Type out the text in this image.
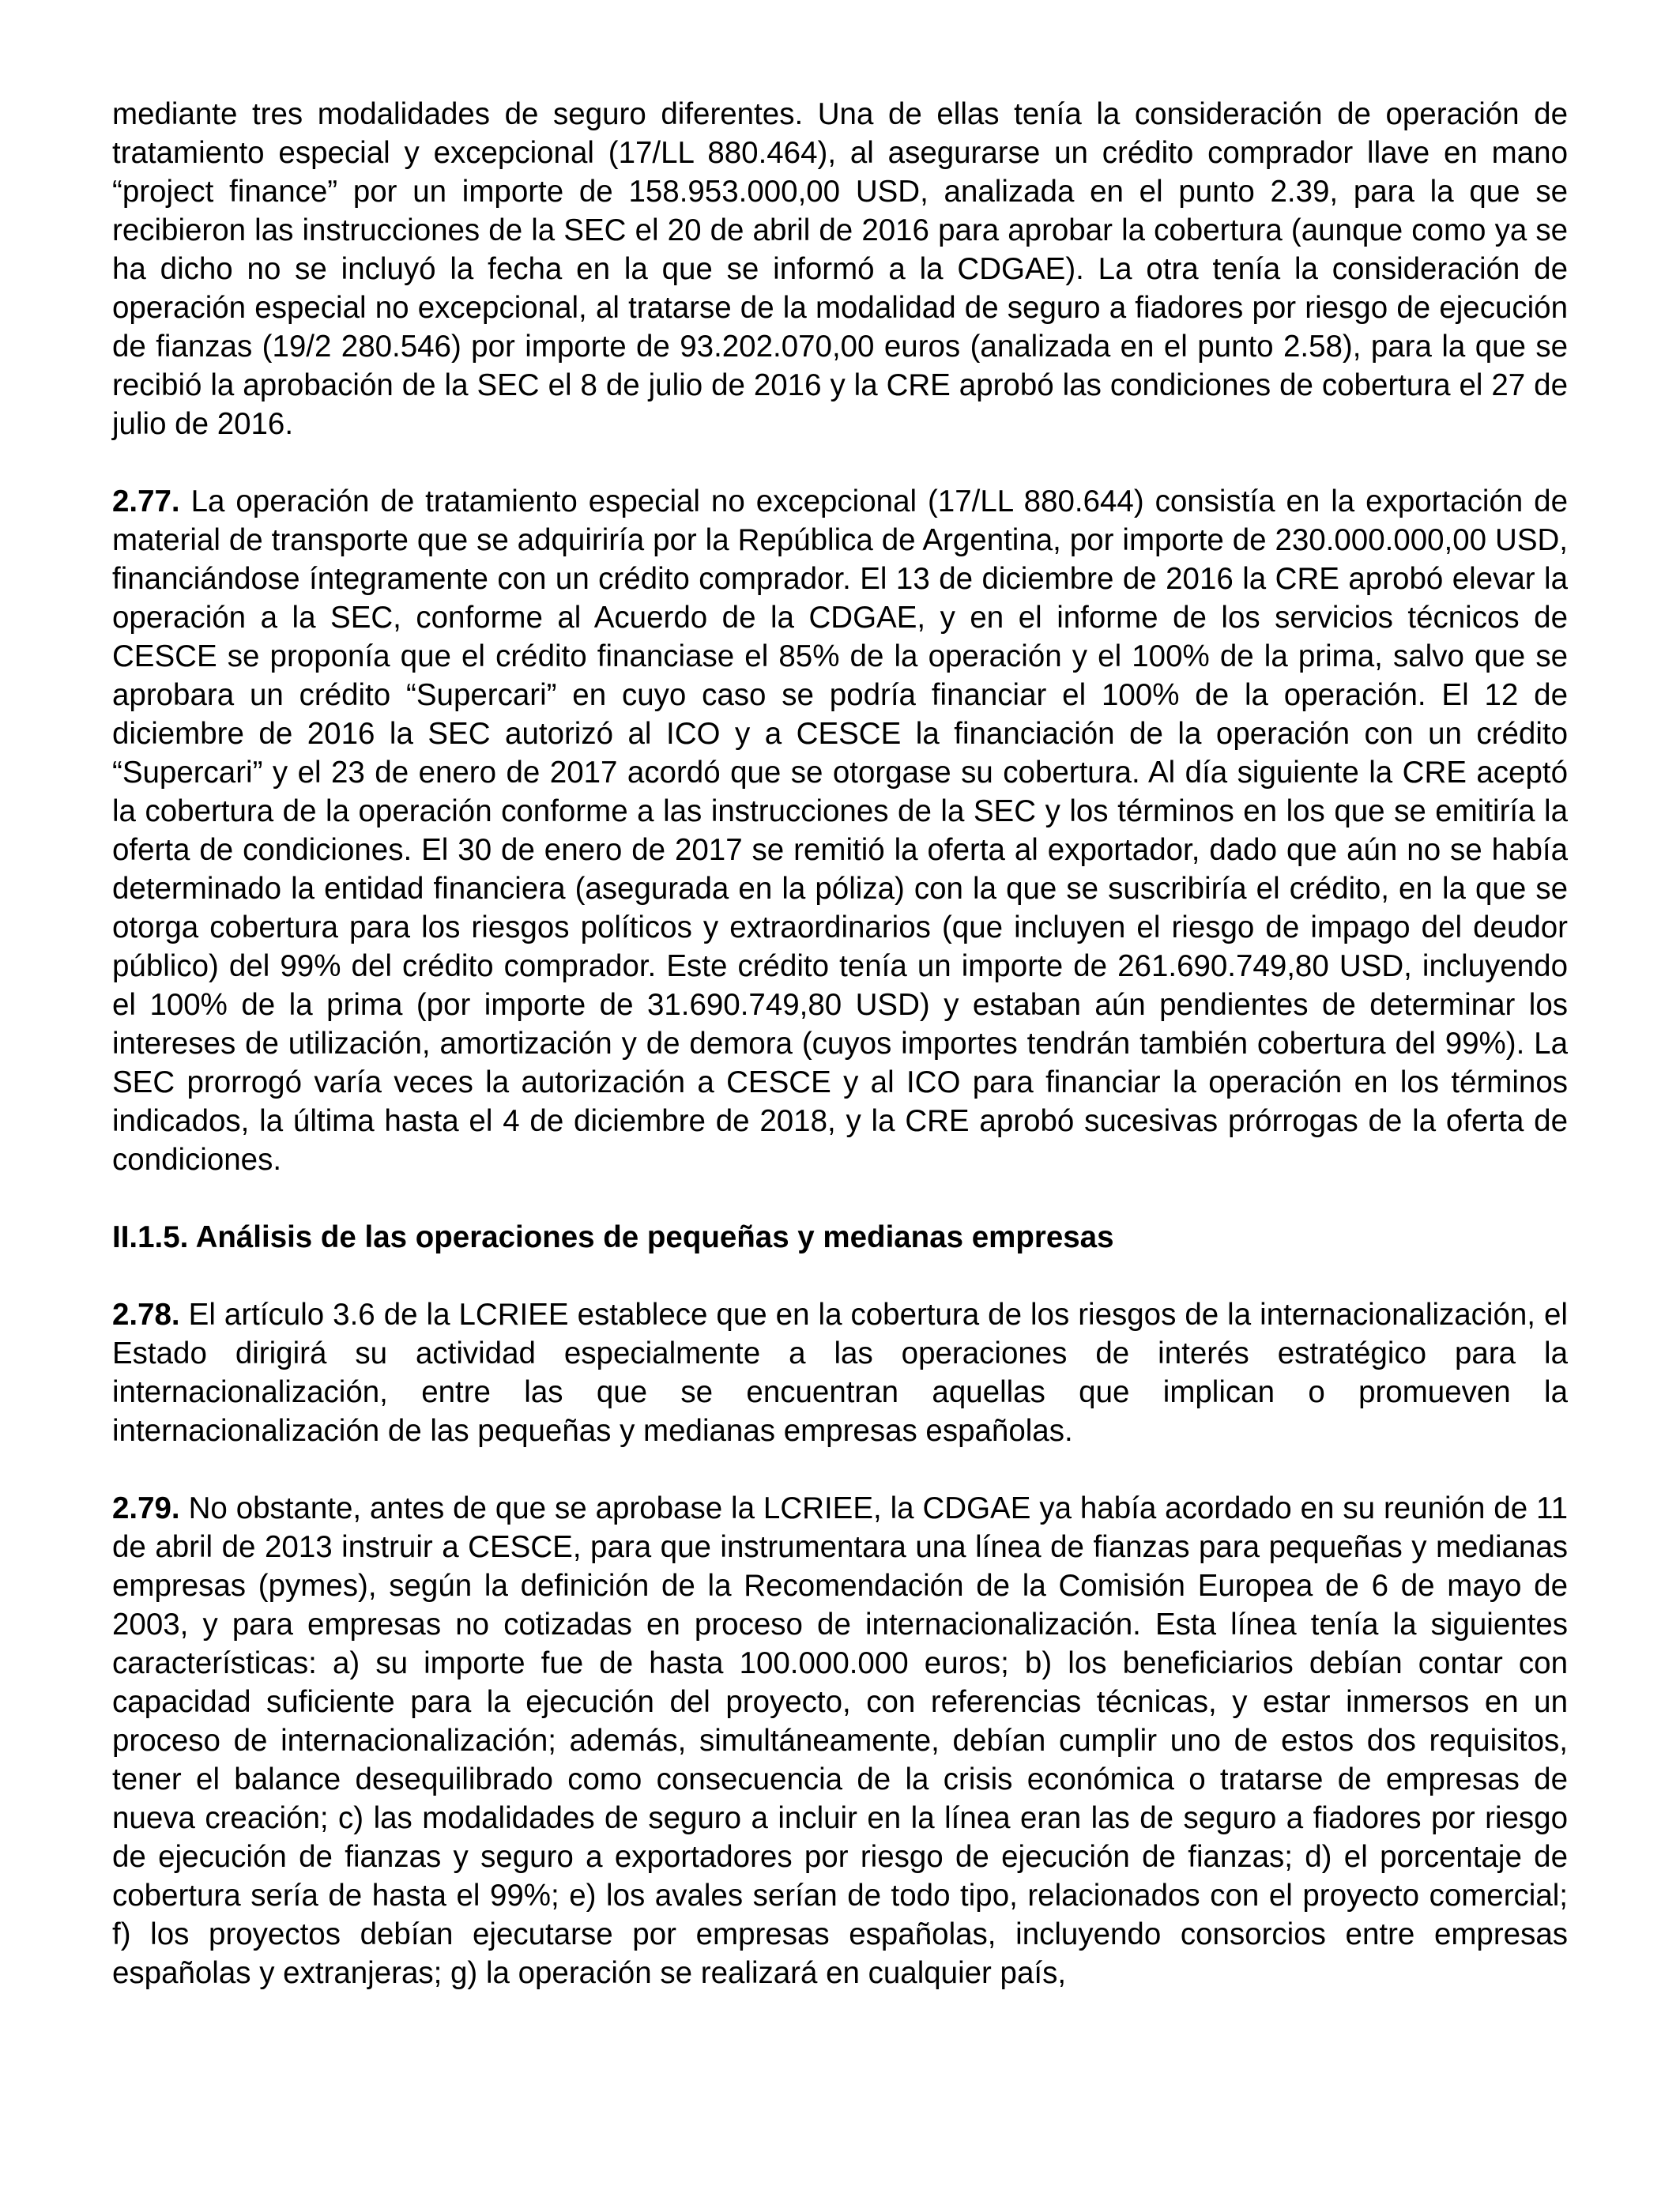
mediante tres modalidades de seguro diferentes. Una de ellas tenía la consideración de operación de tratamiento especial y excepcional (17/LL 880.464), al asegurarse un crédito comprador llave en mano “project finance” por un importe de 158.953.000,00 USD, analizada en el punto 2.39, para la que se recibieron las instrucciones de la SEC el 20 de abril de 2016 para aprobar la cobertura (aunque como ya se ha dicho no se incluyó la fecha en la que se informó a la CDGAE). La otra tenía la consideración de operación especial no excepcional, al tratarse de la modalidad de seguro a fiadores por riesgo de ejecución de fianzas (19/2 280.546) por importe de 93.202.070,00 euros (analizada en el punto 2.58), para la que se recibió la aprobación de la SEC el 8 de julio de 2016 y la CRE aprobó las condiciones de cobertura el 27 de julio de 2016.

2.77. La operación de tratamiento especial no excepcional (17/LL 880.644) consistía en la exportación de material de transporte que se adquiriría por la República de Argentina, por importe de 230.000.000,00 USD, financiándose íntegramente con un crédito comprador. El 13 de diciembre de 2016 la CRE aprobó elevar la operación a la SEC, conforme al Acuerdo de la CDGAE, y en el informe de los servicios técnicos de CESCE se proponía que el crédito financiase el 85% de la operación y el 100% de la prima, salvo que se aprobara un crédito “Supercari” en cuyo caso se podría financiar el 100% de la operación. El 12 de diciembre de 2016 la SEC autorizó al ICO y a CESCE la financiación de la operación con un crédito “Supercari” y el 23 de enero de 2017 acordó que se otorgase su cobertura. Al día siguiente la CRE aceptó la cobertura de la operación conforme a las instrucciones de la SEC y los términos en los que se emitiría la oferta de condiciones. El 30 de enero de 2017 se remitió la oferta al exportador, dado que aún no se había determinado la entidad financiera (asegurada en la póliza) con la que se suscribiría el crédito, en la que se otorga cobertura para los riesgos políticos y extraordinarios (que incluyen el riesgo de impago del deudor público) del 99% del crédito comprador. Este crédito tenía un importe de 261.690.749,80 USD, incluyendo el 100% de la prima (por importe de 31.690.749,80 USD) y estaban aún pendientes de determinar los intereses de utilización, amortización y de demora (cuyos importes tendrán también cobertura del 99%). La SEC prorrogó varía veces la autorización a CESCE y al ICO para financiar la operación en los términos indicados, la última hasta el 4 de diciembre de 2018, y la CRE aprobó sucesivas prórrogas de la oferta de condiciones.

II.1.5. Análisis de las operaciones de pequeñas y medianas empresas

2.78. El artículo 3.6 de la LCRIEE establece que en la cobertura de los riesgos de la internacionalización, el Estado dirigirá su actividad especialmente a las operaciones de interés estratégico para la internacionalización, entre las que se encuentran aquellas que implican o promueven la internacionalización de las pequeñas y medianas empresas españolas.

2.79. No obstante, antes de que se aprobase la LCRIEE, la CDGAE ya había acordado en su reunión de 11 de abril de 2013 instruir a CESCE, para que instrumentara una línea de fianzas para pequeñas y medianas empresas (pymes), según la definición de la Recomendación de la Comisión Europea de 6 de mayo de 2003, y para empresas no cotizadas en proceso de internacionalización. Esta línea tenía la siguientes características: a) su importe fue de hasta 100.000.000 euros; b) los beneficiarios debían contar con capacidad suficiente para la ejecución del proyecto, con referencias técnicas, y estar inmersos en un proceso de internacionalización; además, simultáneamente, debían cumplir uno de estos dos requisitos, tener el balance desequilibrado como consecuencia de la crisis económica o tratarse de empresas de nueva creación; c) las modalidades de seguro a incluir en la línea eran las de seguro a fiadores por riesgo de ejecución de fianzas y seguro a exportadores por riesgo de ejecución de fianzas; d) el porcentaje de cobertura sería de hasta el 99%; e) los avales serían de todo tipo, relacionados con el proyecto comercial; f) los proyectos debían ejecutarse por empresas españolas, incluyendo consorcios entre empresas españolas y extranjeras; g) la operación se realizará en cualquier país,
